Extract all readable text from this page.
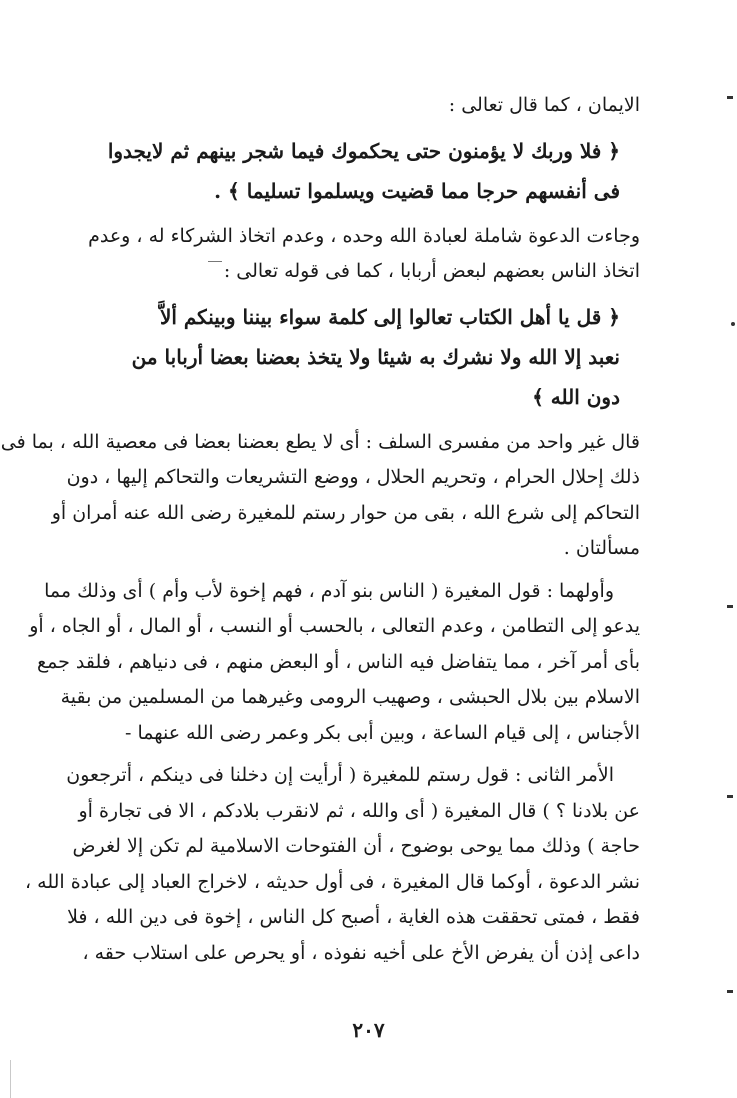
الايمان ، كما قال تعالى :

﴿ فلا وربك لا يؤمنون حتى يحكموك فيما شجر بينهم ثم لايجدوا

فى أنفسهم حرجا مما قضيت ويسلموا تسليما ﴾ .

وجاءت الدعوة شاملة لعبادة الله وحده ، وعدم اتخاذ الشركاء له ، وعدم

اتخاذ الناس بعضهم لبعض أربابا ، كما فى قوله تعالى :

﴿ قل يا أهل الكتاب تعالوا إلى كلمة سواء بيننا وبينكم ألاَّ

نعبد إلا الله ولا نشرك به شيئا ولا يتخذ بعضنا بعضا أربابا من

دون الله ﴾

قال غير واحد من مفسرى السلف : أى لا يطع بعضنا بعضا فى معصية الله ، بما فى

ذلك إحلال الحرام ، وتحريم الحلال ، ووضع التشريعات والتحاكم إليها ، دون

التحاكم إلى شرع الله ، بقى من حوار رستم للمغيرة رضى الله عنه أمران أو

مسألتان .

وأولهما : قول المغيرة ( الناس بنو آدم ، فهم إخوة لأب وأم ) أى وذلك مما

يدعو إلى التطامن ، وعدم التعالى ، بالحسب أو النسب ، أو المال ، أو الجاه ، أو

بأى أمر آخر ، مما يتفاضل فيه الناس ، أو البعض منهم ، فى دنياهم ، فلقد جمع

الاسلام بين بلال الحبشى ، وصهيب الرومى وغيرهما من المسلمين من بقية

الأجناس ، إلى قيام الساعة ، وبين أبى بكر وعمر رضى الله عنهما -

الأمر الثانى : قول رستم للمغيرة ( أرأيت إن دخلنا فى دينكم ، أترجعون

عن بلادنا ؟ ) قال المغيرة ( أى والله ، ثم لانقرب بلادكم ، الا فى تجارة أو

حاجة ) وذلك مما يوحى بوضوح ، أن الفتوحات الاسلامية لم تكن إلا لغرض

نشر الدعوة ، أوكما قال المغيرة ، فى أول حديثه ، لاخراج العباد إلى عبادة الله ،

فقط ، فمتى تحققت هذه الغاية ، أصبح كل الناس ، إخوة فى دين الله ، فلا

داعى إذن أن يفرض الأخ على أخيه نفوذه ، أو يحرص على استلاب حقه ،

٢٠٧
